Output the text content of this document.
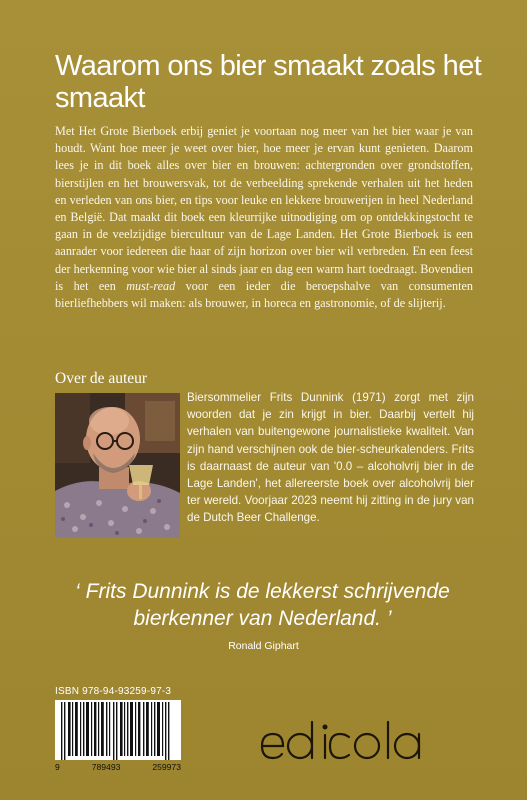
Waarom ons bier smaakt zoals het smaakt
Met Het Grote Bierboek erbij geniet je voortaan nog meer van het bier waar je van houdt. Want hoe meer je weet over bier, hoe meer je ervan kunt genieten. Daarom lees je in dit boek alles over bier en brouwen: achtergronden over grondstoffen, bierstijlen en het brouwersvak, tot de verbeelding sprekende verhalen uit het heden en verleden van ons bier, en tips voor leuke en lekkere brouwerijen in heel Nederland en België. Dat maakt dit boek een kleurrijke uitnodiging om op ontdekkingstocht te gaan in de veelzijdige biercultuur van de Lage Landen. Het Grote Bierboek is een aanrader voor iedereen die haar of zijn horizon over bier wil verbreden. En een feest der herkenning voor wie bier al sinds jaar en dag een warm hart toedraagt. Bovendien is het een must-read voor een ieder die beroepshalve van consumenten bierliefhebbers wil maken: als brouwer, in horeca en gastronomie, of de slijterij.
Over de auteur
Biersommelier Frits Dunnink (1971) zorgt met zijn woorden dat je zin krijgt in bier. Daarbij vertelt hij verhalen van buitengewone journalistieke kwaliteit. Van zijn hand verschijnen ook de bier-scheurkalenders. Frits is daarnaast de auteur van '0.0 – alcoholvrij bier in de Lage Landen', het allereerste boek over alcoholvrij bier ter wereld. Voorjaar 2023 neemt hij zitting in de jury van de Dutch Beer Challenge.
‘ Frits Dunnink is de lekkerst schrijvende bierkenner van Nederland. ’
Ronald Giphart
ISBN 978-94-93259-97-3
9	789493	259973
